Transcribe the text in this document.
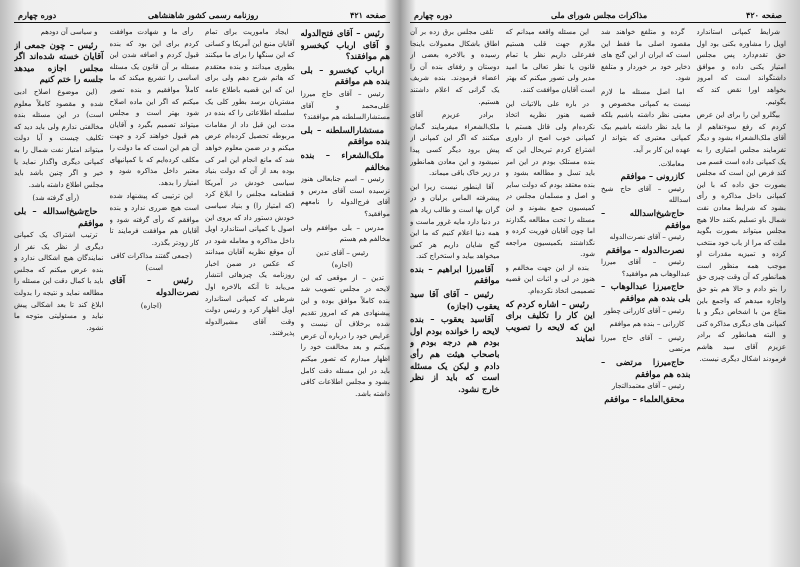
صفحه ۴۲۱
روزنامه رسمی کشور شاهنشاهی
دوره چهارم

رئیس – آقای فتح‌الدوله و آقای ارباب کیخسرو هم موافقند؟

ارباب کیخسرو – بلی بنده هم موافقم

رئیس – آقای حاج میرزا علی‌محمد و آقای مستشارالسلطنه هم موافقند؟

مستشارالسلطنه – بلی بنده موافقم

ملک‌الشعراء – بنده مخالفم

رئیس – اسم جنابعالی هنوز نرسیده است آقای مدرس و آقای فرج‌الدوله را نامعهم موافقید؟

مدرس – بلی موافقم ولی مخالفم هم هستم

رئیس – آقای تدین

(اجازه)

تدین – از موقعی که این لایحه در مجلس تصویب شد بنده کاملاً موافق بوده و این پیشنهادی هم که امروز تقدیم شده برخلاف آن نیست و عرایض خود را درباره آن عرض میکنم و بعد مخالفت خود را اظهار میدارم که تصور میکنم باید در این مسئله دقت کامل بشود و مجلس اطلاعات کافی داشته باشد.

ایجاد ماموریت برای تمام آقایان منبع این آمریکا و کسانی که این سنگها را برای ما میکنند بطوری میدانند و بنده معتقدم که هاتم شرح دهم ولی برای این که این قضیه باطلاع عامه مشتریان برسد بطور کلی یک سلسله اطلاعاتی را که بنده در مدت این قبل داد از مقامات مربوطه تحصیل کرده‌ام عرض میکنم و در ضمن معلوم خواهد شد که مانع انجام این امر کی بوده بعد از آن که دولت بنیاد سیاسی خودش در آمریکا قطعنامه مجلس را ابلاغ کرد (که امتیاز را) و بنیاد سیاسی خودش دستور داد که بروی این اصول با کمپانی استاندارد اویل داخل مذاکره و معامله شود در آن موقع نظریه آقایان میدانند که عکس در ضمن اخبار روزنامه یک چیزهائی انتشار می‌یابد تا آنکه بالاخره اول شرطی که کمپانی استاندارد اویل اظهار کرد و رئیس دولت وقت آقای مشیرالدوله پذیرفتند.

رأی ما و شهادت موافقت کردم برای این بود که بنده قبول کردم و اضافه شدن این مسئله بر آن قانون یک مسئله اساسی را تشریع میکند که ما کاملاً موافقیم و بنده تصور میکنم که اگر این ماده اصلاح شود بهتر است و مجلس میتواند تصمیم بگیرد و آقایان هم قبول خواهند کرد و جهت آن هم این است که ما دولت را مکلف کرده‌ایم که با کمپانیهای معتبر داخل مذاکره شود و امتیاز را بدهد.

این ترتیبی که پیشنهاد شده است هیچ ضرری ندارد و بنده موافقم که رأی گرفته شود و آقایان هم موافقت فرمایند تا کار زودتر بگذرد.

(جمعی گفتند مذاکرات کافی است)

رئیس – آقای نصرت‌الدوله

(اجازه)

و سیاسی آن دودهم

رئیس – چون جمعی از آقایان خسته شده‌اند اگر مجلس اجازه میدهد جلسه را ختم کنیم

(این موضوع اصلاح ادبی شده و مقصود کاملاً معلوم است) در این مسئله بنده مخالفتی ندارم ولی باید دید که تکلیف چیست و آیا دولت میتواند امتیاز نفت شمال را به کمپانی دیگری واگذار نماید یا خیر و اگر چنین باشد باید مجلس اطلاع داشته باشد.

(رأی گرفته شد)

حاج‌شیخ‌اسدالله – بلی موافقم

ترتیب اشتراک یک کمپانی دیگری از نظر یک نفر از نمایندگان هیچ اشکالی ندارد و بنده عرض میکنم که مجلس باید با کمال دقت این مسئله را مطالعه نماید و نتیجه را بدولت ابلاغ کند تا بعد اشکالی پیش نیاید و مسئولیتی متوجه ما نشود.

صفحه ۴۲۰
مذاکرات مجلس شورای ملی
دوره چهارم

شرایط کمپانی استاندارد اویل را مشاوره بکنی بود اول حق تقدم‌دارد پس مجلس امتیاز یکنی داده و موافق داشتگواند است که امروز بخواهد اورا نقض کند که بگوئیم.

بیگلرو این را برای این عرض کردم که رفع سوءتفاهم از آقای ملک‌الشعراء بشود و دیگر تفرمایند مجلس امتیازی را به یک کمپانی داده است قسم می کند فرض این است که مجلس بصورت حق داده که با این کمپانی داخل مذاکره و رأی بشود که شرایط معادن نفت شمال باو تسلیم بکنند حالا هیچ مجلس میتواند بصورت بگوید ملت که مرا از باب خود منتخب کرده و تمیزیه مقدرات او موجب همه منظور است همانطور که آن وقت چیزی حق را بتو دادم و حالا هم بتو حق واجازه میدهم که واجمع باین متاع من با اشخاص دیگر و با کمپانی های دیگری مذاکره کنی و البته همانطور که برادر عزیزم آقای سید هاشم فرمودند اشکال دیگری نیست.

گرده و متلفع خواهند شد مقصود اصلی ما فقط این است که ایران از این گنج های ذخایر خود بر خوردار و متلفع شود.

اما اصل مسئله ما لازم نیست به کمپانی مخصوص و معینی نظر داشته باشیم بلکه ما باید نظر داشته باشیم بیک کمپانی معتبری که بتواند از عهده این کار بر آید.

معاملات.

کازرونی – موافقم

رئیس – آقای حاج شیخ اسدالله

حاج‌شیخ‌اسدالله – موافقم

رئیس – آقای نصرت‌الدوله

نصرت‌الدوله – موافقم

رئیس – آقای میرزا عبدالوهاب هم موافقید؟

حاج‌میرزا عبدالوهاب – بلی بنده هم موافقم

رئیس – آقای کازرانی چطور

کازرانی – بنده هم موافقم

رئیس – آقای حاج میرزا مرتضی

حاج‌میرزا مرتضی – بنده هم موافقم

رئیس – آقای معتمدالتجار

محقق‌العلماء – موافقم

این مسئله واقعه میدانم که ملازم جهت قلب هستیم فقرعلی داریم نظر یا تمام قانون یا نظر تعالی ما امید مدیر ولی تصور میکنم که بهتر است آقایان موافقت کنند.

در باره علی بالاتیات این قضیه هنوز نظریه اتخاذ نکرده‌ام ولی قائل هستم با کمپانی خوب اصح از داوری اشتراع کردم تبریحال این که بنده مستلک بودم در این امر باید تسل و مطالعه بشود و بنده معتقد بودم که دولت سایر و اصل و مسلمان مجلس در کمیسیون جمع بشوند و این مسئله را تحت مطالعه بگذارند اما چون آقایان فوریت کرده و نگذاشتند بکمیسیون مراجعه شود.

بنده از این جهت مخالفم و هنوز در لی و اثبات این قضیه تصمیمی اتخاذ نکرده‌ام.

رئیس – اشاره کردم که این کار را تکلیف برای این که لایحه را تصویب نمایند

تلقی مجلس برق زده بر آن اطاق باشکال معمولات باینجا رسیده و بالاخره بعضی از دوستان و رفقای بنده آن را اعضاء فرمودند. بنده شریف یک گرانی که اعلام داشتند هستیم.

برادر عزیزم آقای ملک‌الشعراء میفرمایند گمان میکنند که اگر این کمپانی از پیش برود دیگر کسی پیدا نمیشود و این معادن همانطور در زیر خاک باقی میماند.

آقا اینطور نیست زیرا این پیشرفته الماس برلیان و در گران بها است و طالب زیاد هم در دنیا دارد مایه غرور ماست و همه دنیا اعلام کنیم که ما این گنج شایان داریم هر کس میخواهد بیاید و استخراج کند.

آقامیرزا ابراهیم – بنده موافقم

رئیس – آقای آقا سید یعقوب (اجازه)

آقاسید یعقوب – بنده لایحه را خوانده بودم اول بودم هم درجه بودم و باصحاب هیئت هم رأی دادم و لیکن یک مسئله است که باید از نظر خارج نشود.
